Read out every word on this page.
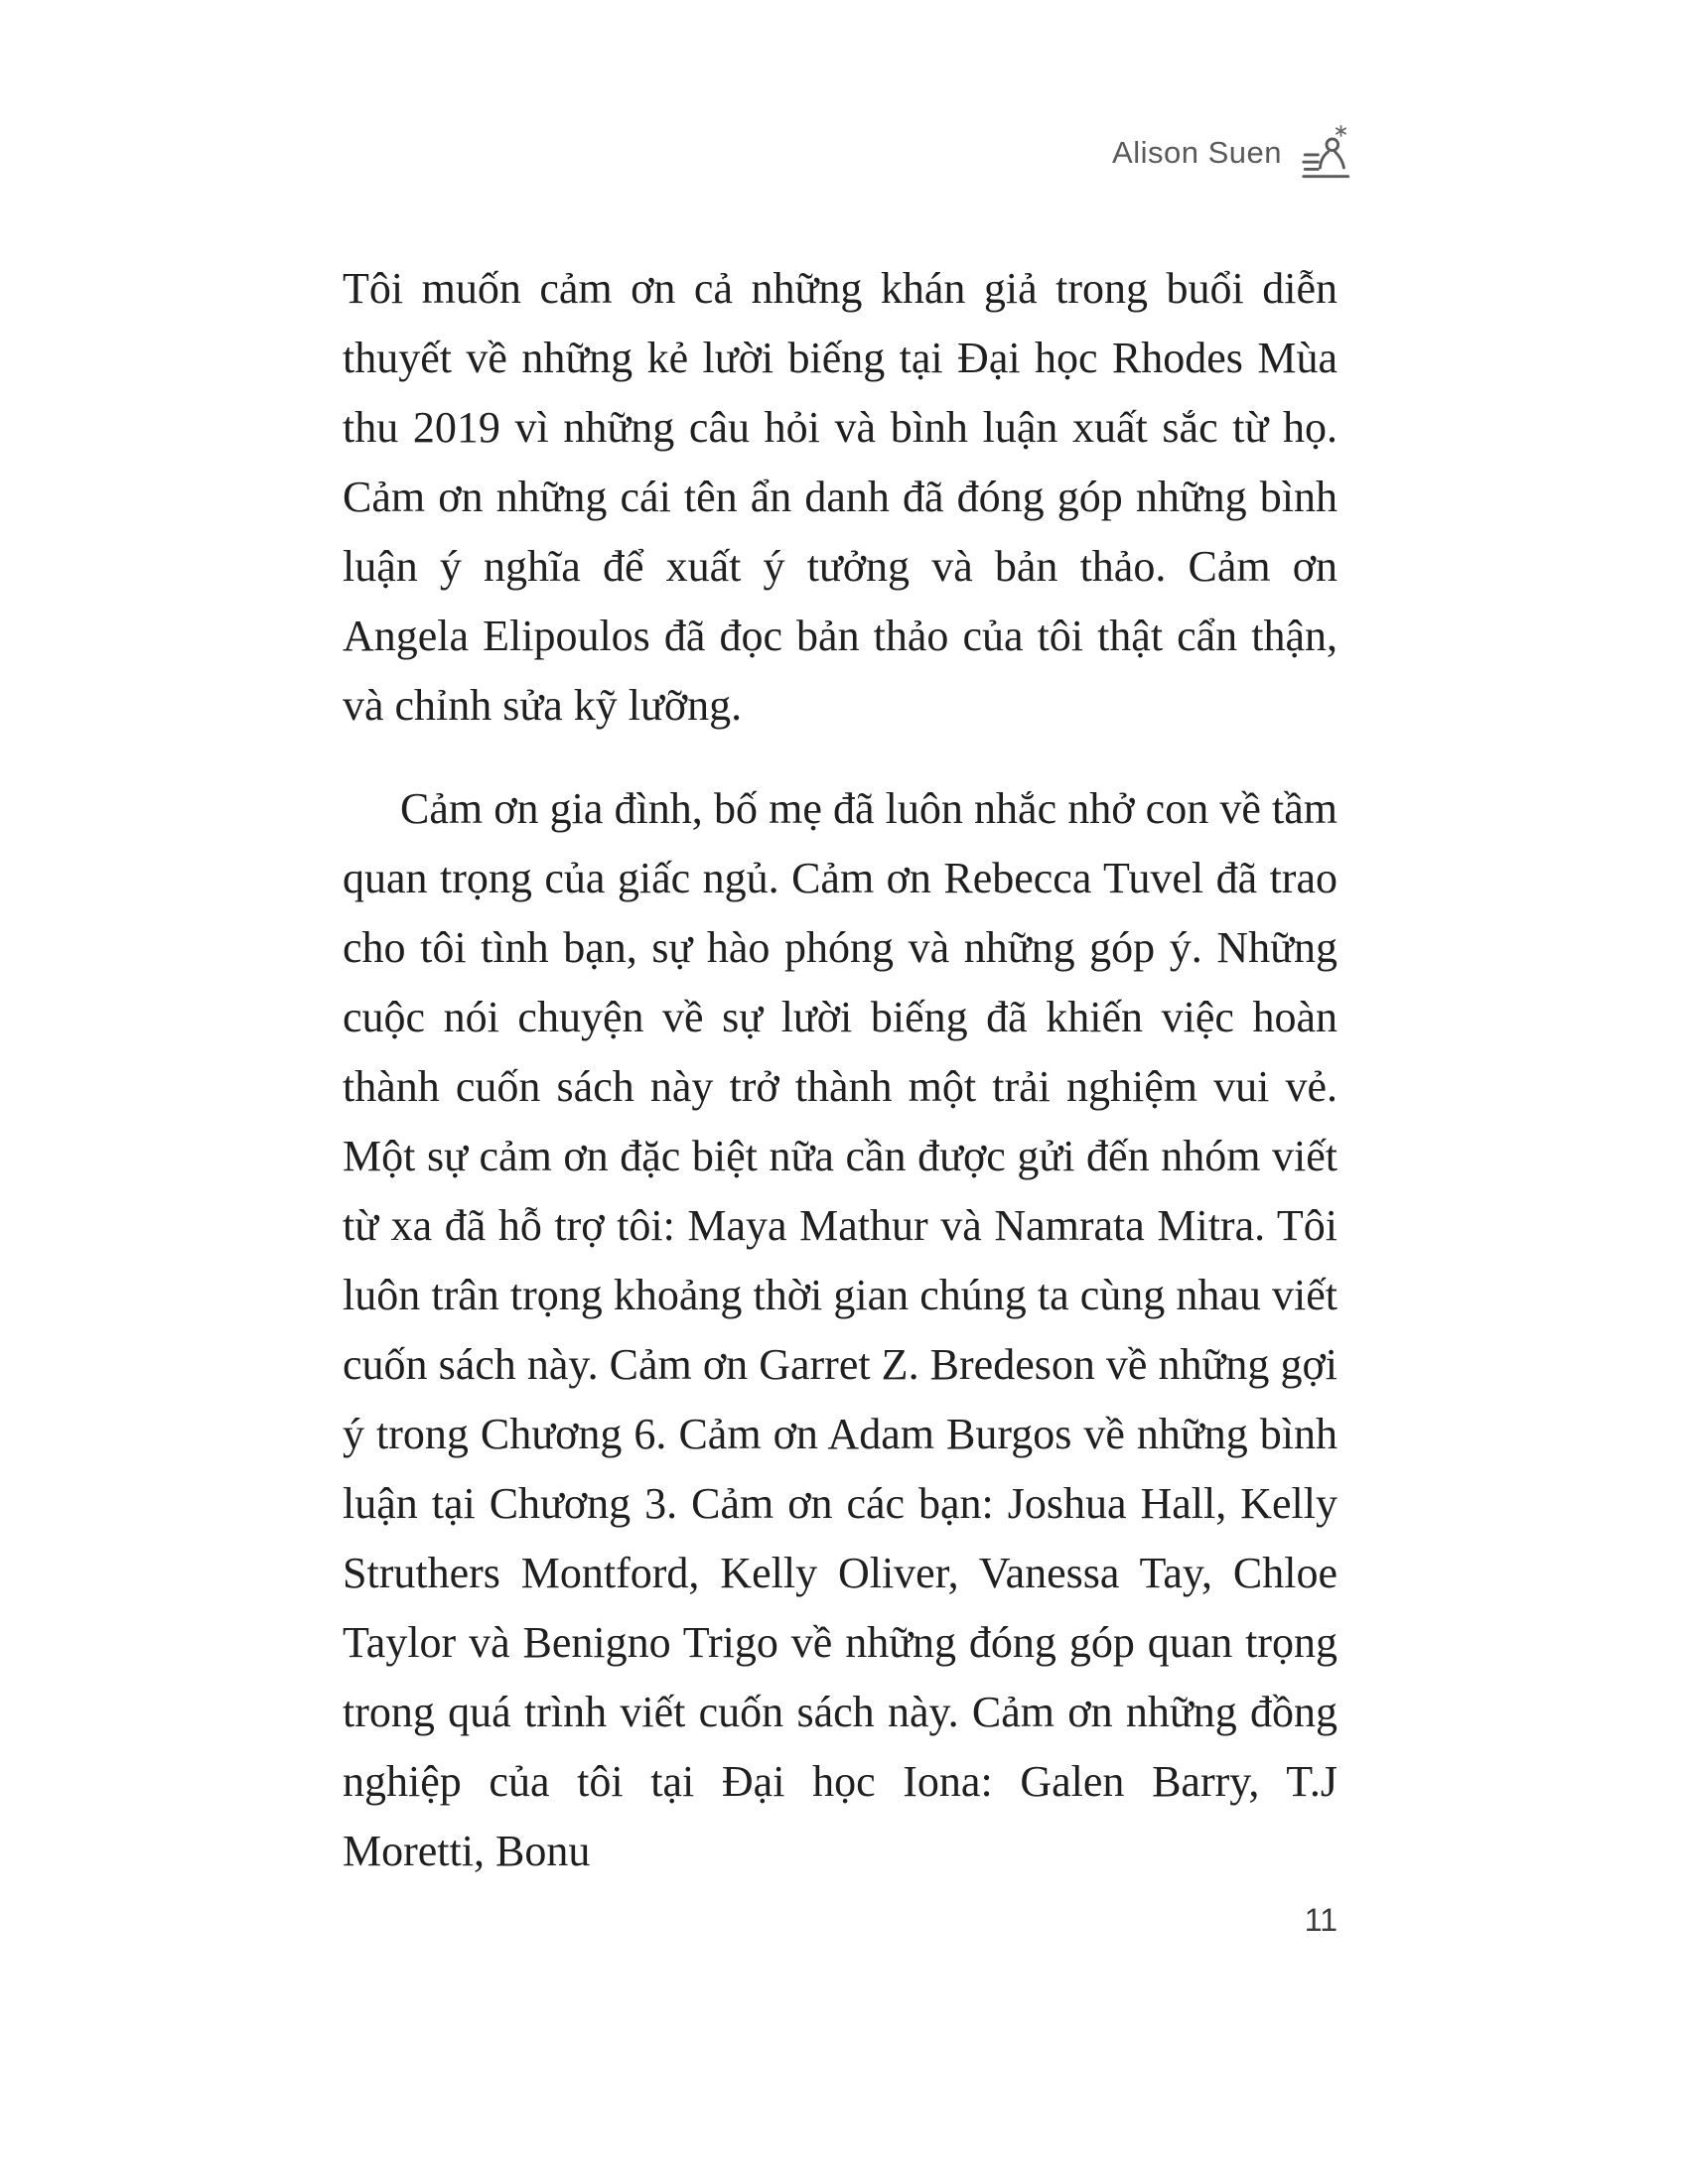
Alison Suen

Tôi muốn cảm ơn cả những khán giả trong buổi diễn thuyết về những kẻ lười biếng tại Đại học Rhodes Mùa thu 2019 vì những câu hỏi và bình luận xuất sắc từ họ. Cảm ơn những cái tên ẩn danh đã đóng góp những bình luận ý nghĩa để xuất ý tưởng và bản thảo. Cảm ơn Angela Elipoulos đã đọc bản thảo của tôi thật cẩn thận, và chỉnh sửa kỹ lưỡng.

Cảm ơn gia đình, bố mẹ đã luôn nhắc nhở con về tầm quan trọng của giấc ngủ. Cảm ơn Rebecca Tuvel đã trao cho tôi tình bạn, sự hào phóng và những góp ý. Những cuộc nói chuyện về sự lười biếng đã khiến việc hoàn thành cuốn sách này trở thành một trải nghiệm vui vẻ. Một sự cảm ơn đặc biệt nữa cần được gửi đến nhóm viết từ xa đã hỗ trợ tôi: Maya Mathur và Namrata Mitra. Tôi luôn trân trọng khoảng thời gian chúng ta cùng nhau viết cuốn sách này. Cảm ơn Garret Z. Bredeson về những gợi ý trong Chương 6. Cảm ơn Adam Burgos về những bình luận tại Chương 3. Cảm ơn các bạn: Joshua Hall, Kelly Struthers Montford, Kelly Oliver, Vanessa Tay, Chloe Taylor và Benigno Trigo về những đóng góp quan trọng trong quá trình viết cuốn sách này. Cảm ơn những đồng nghiệp của tôi tại Đại học Iona: Galen Barry, T.J Moretti, Bonu

11
